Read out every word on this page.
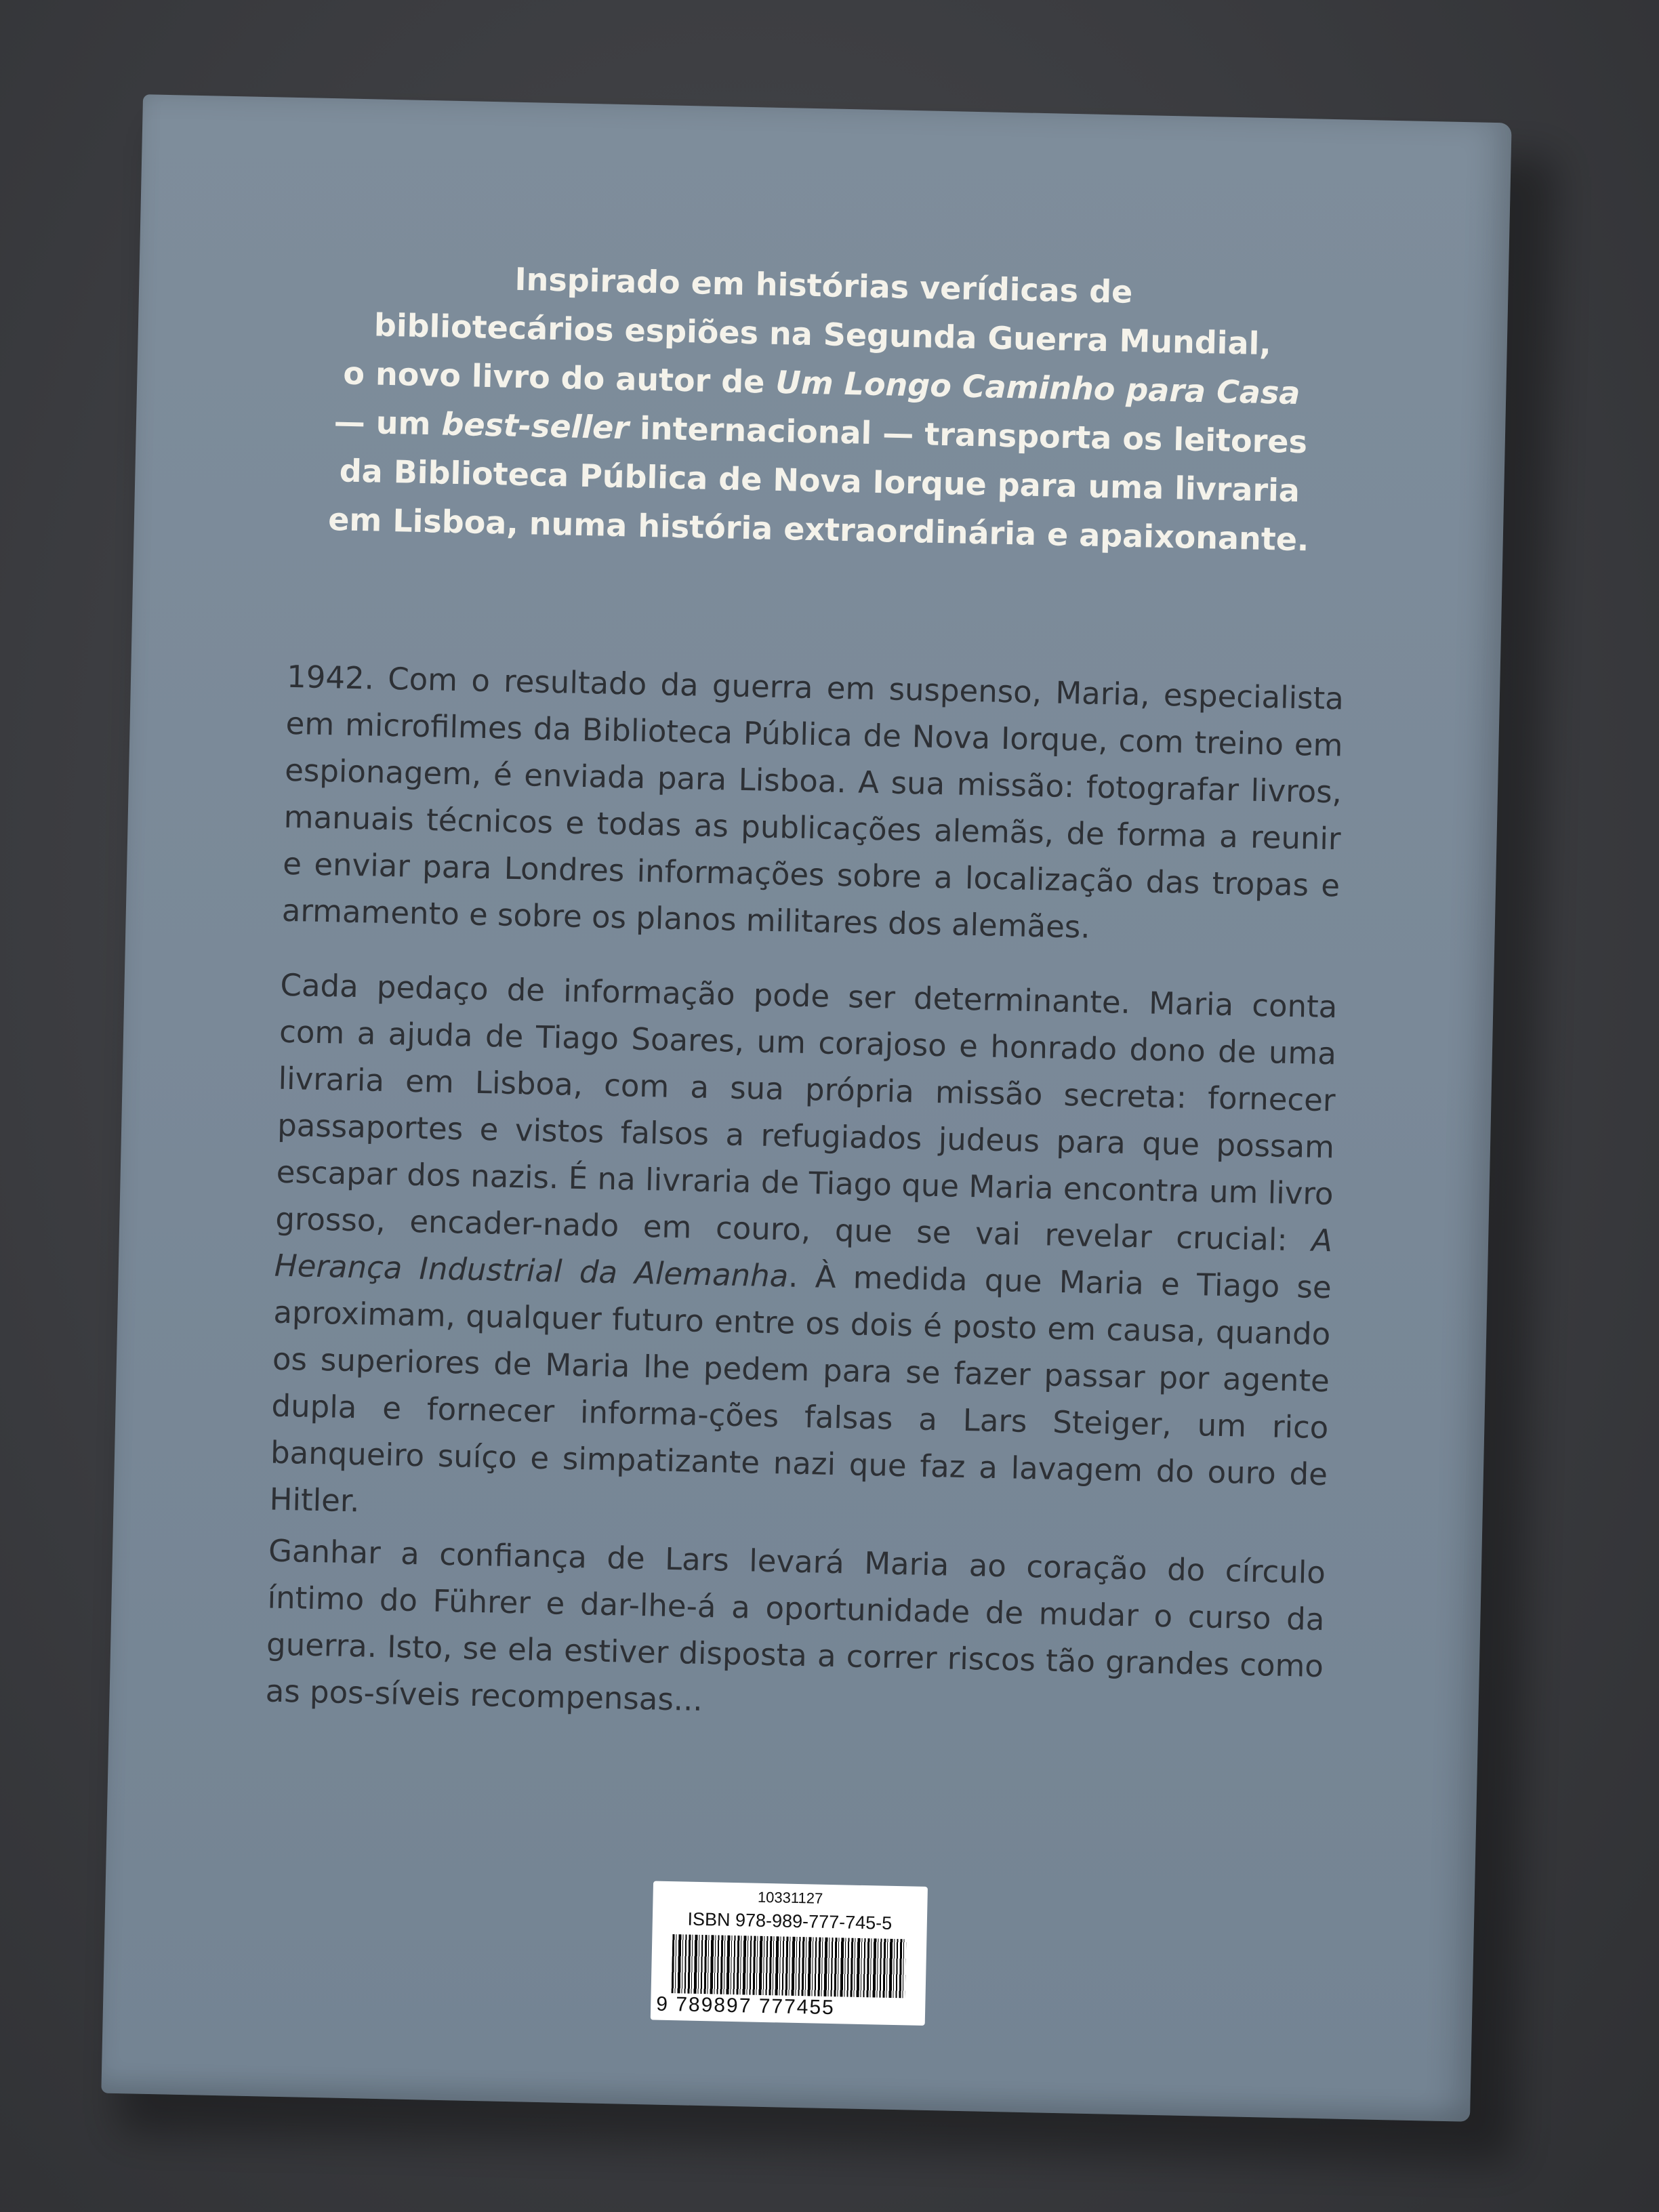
Inspirado em histórias verídicas de

bibliotecários espiões na Segunda Guerra Mundial,

o novo livro do autor de Um Longo Caminho para Casa

— um best-seller internacional — transporta os leitores

da Biblioteca Pública de Nova Iorque para uma livraria

em Lisboa, numa história extraordinária e apaixonante.

1942. Com o resultado da guerra em suspenso, Maria, especialista em microfilmes da Biblioteca Pública de Nova Iorque, com treino em espionagem, é enviada para Lisboa. A sua missão: fotografar livros, manuais técnicos e todas as publicações alemãs, de forma a reunir e enviar para Londres informações sobre a localização das tropas e armamento e sobre os planos militares dos alemães.
Cada pedaço de informação pode ser determinante. Maria conta com a ajuda de Tiago Soares, um corajoso e honrado dono de uma livraria em Lisboa, com a sua própria missão secreta: fornecer passaportes e vistos falsos a refugiados judeus para que possam escapar dos nazis. É na livraria de Tiago que Maria encontra um livro grosso, encader-nado em couro, que se vai revelar crucial: A Herança Industrial da Alemanha. À medida que Maria e Tiago se aproximam, qualquer futuro entre os dois é posto em causa, quando os superiores de Maria lhe pedem para se fazer passar por agente dupla e fornecer informa-ções falsas a Lars Steiger, um rico banqueiro suíço e simpatizante nazi que faz a lavagem do ouro de Hitler.
Ganhar a confiança de Lars levará Maria ao coração do círculo íntimo do Führer e dar-lhe-á a oportunidade de mudar o curso da guerra. Isto, se ela estiver disposta a correr riscos tão grandes como as pos-síveis recompensas...
10331127
ISBN 978-989-777-745-5
9 789897 777455
